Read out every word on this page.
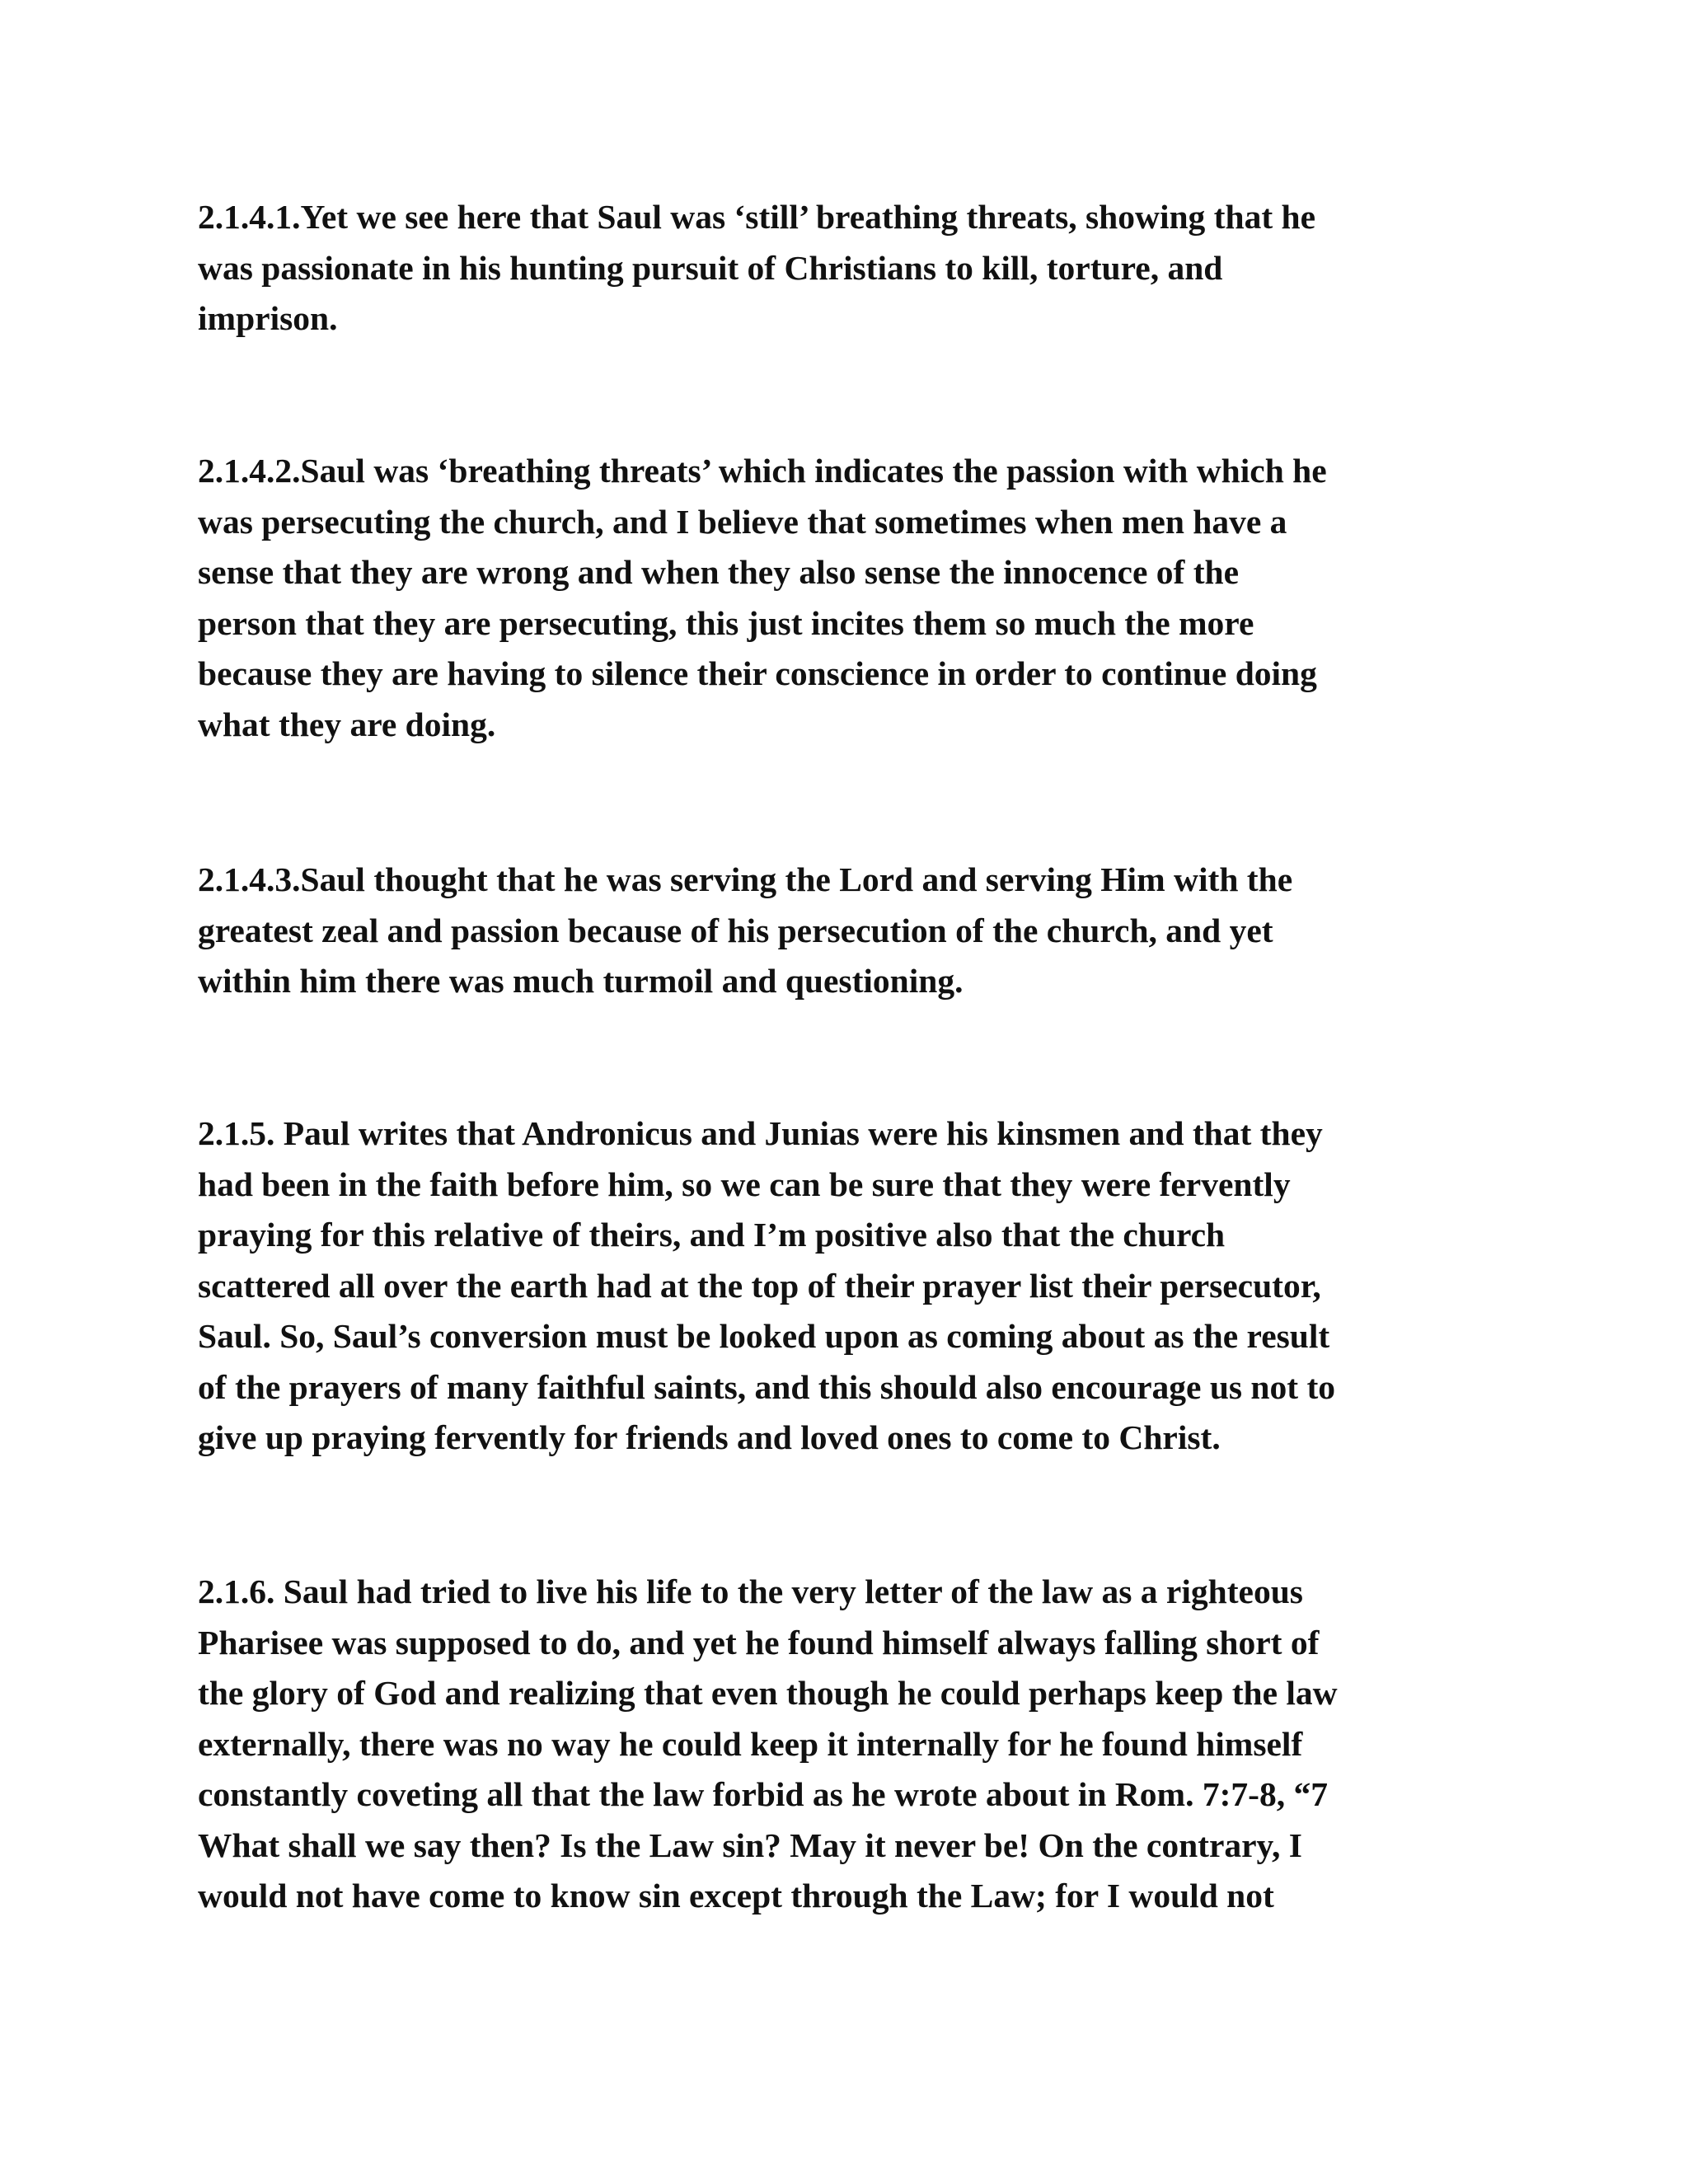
2.1.4.1.Yet we see here that Saul was ‘still’ breathing threats, showing that he
was passionate in his hunting pursuit of Christians to kill, torture, and
imprison.

2.1.4.2.Saul was ‘breathing threats’ which indicates the passion with which he
was persecuting the church, and I believe that sometimes when men have a
sense that they are wrong and when they also sense the innocence of the
person that they are persecuting, this just incites them so much the more
because they are having to silence their conscience in order to continue doing
what they are doing.

2.1.4.3.Saul thought that he was serving the Lord and serving Him with the
greatest zeal and passion because of his persecution of the church, and yet
within him there was much turmoil and questioning.

2.1.5. Paul writes that Andronicus and Junias were his kinsmen and that they
had been in the faith before him, so we can be sure that they were fervently
praying for this relative of theirs, and I’m positive also that the church
scattered all over the earth had at the top of their prayer list their persecutor,
Saul. So, Saul’s conversion must be looked upon as coming about as the result
of the prayers of many faithful saints, and this should also encourage us not to
give up praying fervently for friends and loved ones to come to Christ.

2.1.6. Saul had tried to live his life to the very letter of the law as a righteous
Pharisee was supposed to do, and yet he found himself always falling short of
the glory of God and realizing that even though he could perhaps keep the law
externally, there was no way he could keep it internally for he found himself
constantly coveting all that the law forbid as he wrote about in Rom. 7:7-8, “7
What shall we say then? Is the Law sin? May it never be! On the contrary, I
would not have come to know sin except through the Law; for I would not
